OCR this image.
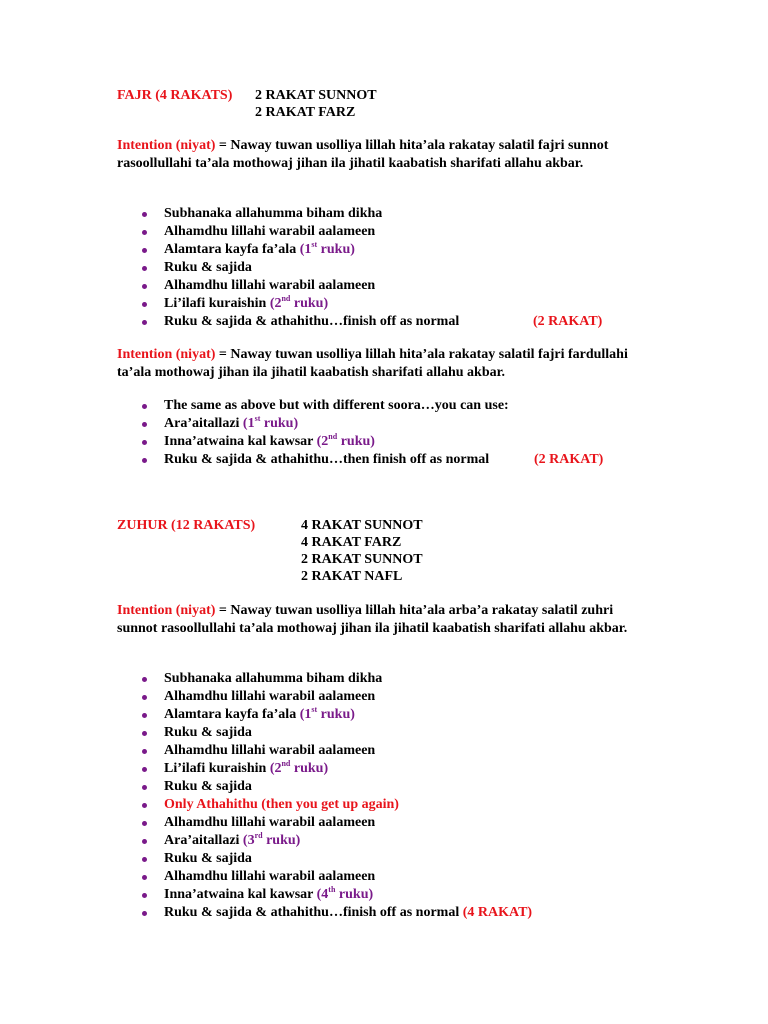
FAJR (4 RAKATS) 2 RAKAT SUNNOT
2 RAKAT FARZ
Intention (niyat) = Naway tuwan usolliya lillah hita’ala rakatay salatil fajri sunnot rasoollullahi ta’ala mothowaj jihan ila jihatil kaabatish sharifati allahu akbar.
Subhanaka allahumma biham dikha
Alhamdhu lillahi warabil aalameen
Alamtara kayfa fa’ala (1st ruku)
Ruku & sajida
Alhamdhu lillahi warabil aalameen
Li’ilafi kuraishin (2nd ruku)
Ruku & sajida & athahithu…finish off as normal	(2 RAKAT)
Intention (niyat) = Naway tuwan usolliya lillah hita’ala rakatay salatil fajri fardullahi ta’ala mothowaj jihan ila jihatil kaabatish sharifati allahu akbar.
The same as above but with different soora…you can use:
Ara’aitallazi (1st ruku)
Inna’atwaina kal kawsar (2nd ruku)
Ruku & sajida & athahithu…then finish off as normal	(2 RAKAT)
ZUHUR (12 RAKATS)	4 RAKAT SUNNOT
4 RAKAT FARZ
2 RAKAT SUNNOT
2 RAKAT NAFL
Intention (niyat) = Naway tuwan usolliya lillah hita’ala arba’a rakatay salatil zuhri sunnot rasoollullahi ta’ala mothowaj jihan ila jihatil kaabatish sharifati allahu akbar.
Subhanaka allahumma biham dikha
Alhamdhu lillahi warabil aalameen
Alamtara kayfa fa’ala (1st ruku)
Ruku & sajida
Alhamdhu lillahi warabil aalameen
Li’ilafi kuraishin (2nd ruku)
Ruku & sajida
Only Athahithu (then you get up again)
Alhamdhu lillahi warabil aalameen
Ara’aitallazi (3rd ruku)
Ruku & sajida
Alhamdhu lillahi warabil aalameen
Inna’atwaina kal kawsar (4th ruku)
Ruku & sajida & athahithu…finish off as normal (4 RAKAT)
